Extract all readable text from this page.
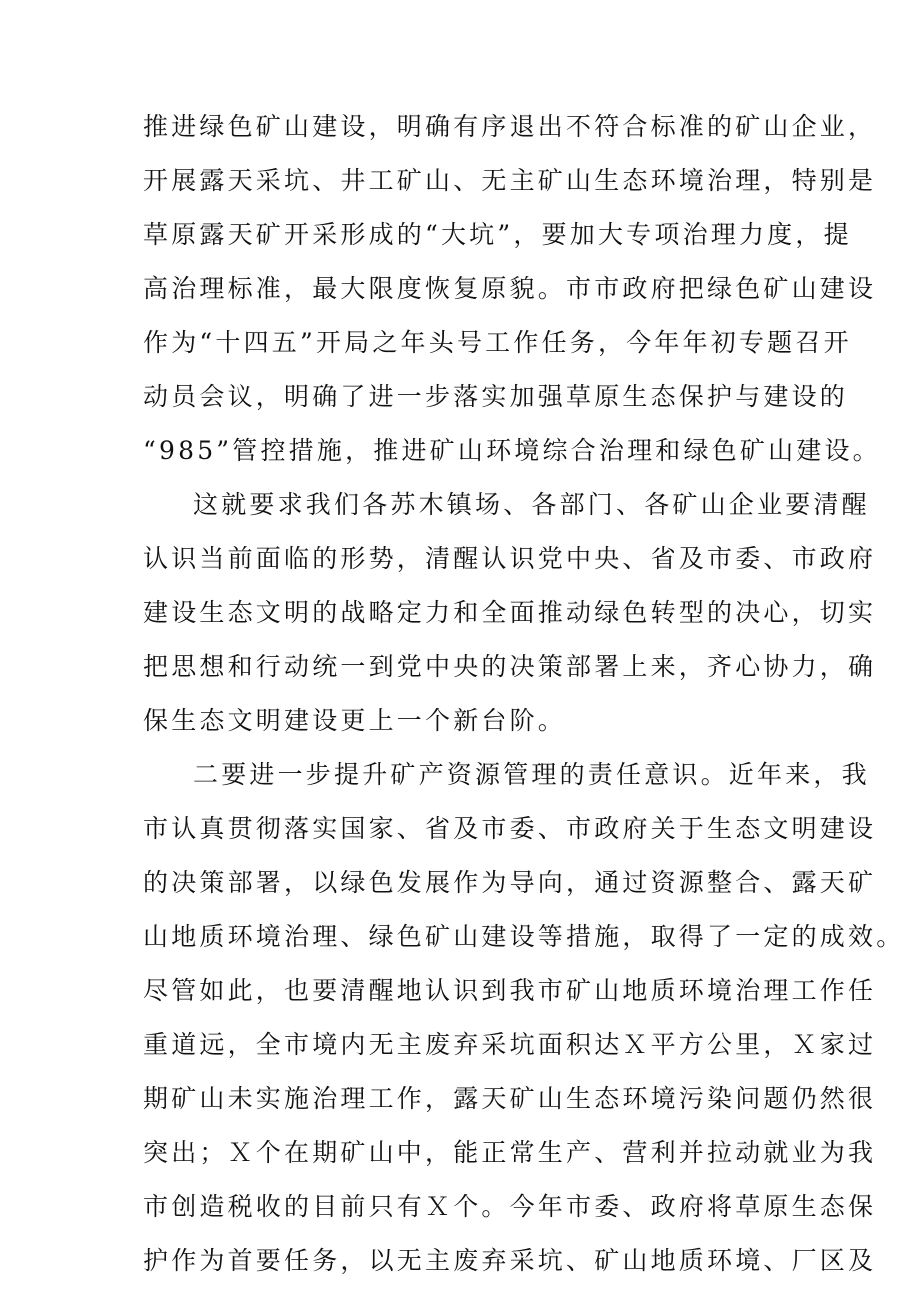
推进绿色矿山建设，明确有序退出不符合标准的矿山企业，
开展露天采坑、井工矿山、无主矿山生态环境治理，特别是
草原露天矿开采形成的“大坑”，要加大专项治理力度，提
高治理标准，最大限度恢复原貌。市市政府把绿色矿山建设
作为“十四五”开局之年头号工作任务，今年年初专题召开
动员会议，明确了进一步落实加强草原生态保护与建设的
“985”管控措施，推进矿山环境综合治理和绿色矿山建设。
这就要求我们各苏木镇场、各部门、各矿山企业要清醒
认识当前面临的形势，清醒认识党中央、省及市委、市政府
建设生态文明的战略定力和全面推动绿色转型的决心，切实
把思想和行动统一到党中央的决策部署上来，齐心协力，确
保生态文明建设更上一个新台阶。
二要进一步提升矿产资源管理的责任意识。近年来，我
市认真贯彻落实国家、省及市委、市政府关于生态文明建设
的决策部署，以绿色发展作为导向，通过资源整合、露天矿
山地质环境治理、绿色矿山建设等措施，取得了一定的成效。
尽管如此，也要清醒地认识到我市矿山地质环境治理工作任
重道远，全市境内无主废弃采坑面积达Ｘ平方公里，Ｘ家过
期矿山未实施治理工作，露天矿山生态环境污染问题仍然很
突出；Ｘ个在期矿山中，能正常生产、营利并拉动就业为我
市创造税收的目前只有Ｘ个。今年市委、政府将草原生态保
护作为首要任务，以无主废弃采坑、矿山地质环境、厂区及
